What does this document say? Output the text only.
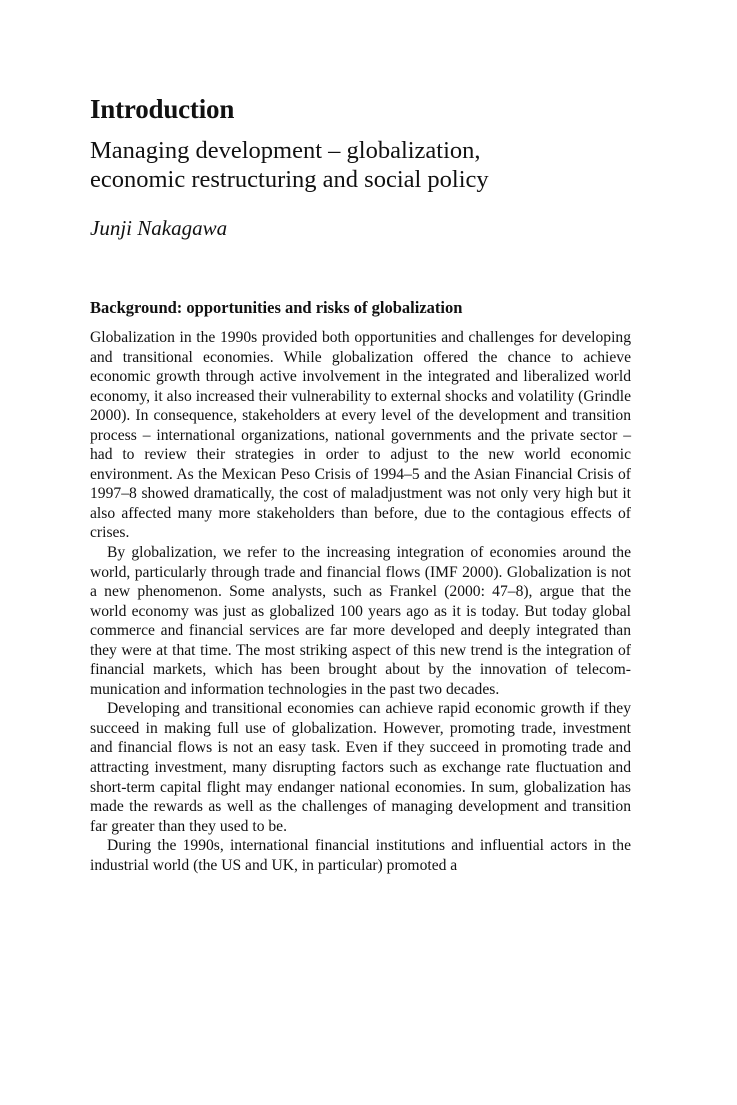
Introduction
Managing development – globalization, economic restructuring and social policy
Junji Nakagawa
Background: opportunities and risks of globalization

Globalization in the 1990s provided both opportunities and challenges for developing and transitional economies. While globalization offered the chance to achieve economic growth through active involvement in the integrated and liberalized world economy, it also increased their vulnerability to external shocks and volatility (Grindle 2000). In consequence, stakeholders at every level of the development and transition process – international organizations, national governments and the private sector – had to review their strategies in order to adjust to the new world economic environment. As the Mexican Peso Crisis of 1994–5 and the Asian Financial Crisis of 1997–8 showed dramatically, the cost of maladjustment was not only very high but it also affected many more stakeholders than before, due to the contagious effects of crises.

By globalization, we refer to the increasing integration of economies around the world, particularly through trade and financial flows (IMF 2000). Globalization is not a new phenomenon. Some analysts, such as Frankel (2000: 47–8), argue that the world economy was just as globalized 100 years ago as it is today. But today global commerce and financial services are far more developed and deeply integrated than they were at that time. The most striking aspect of this new trend is the integration of financial markets, which has been brought about by the innovation of telecommunication and information technologies in the past two decades.

Developing and transitional economies can achieve rapid economic growth if they succeed in making full use of globalization. However, promoting trade, investment and financial flows is not an easy task. Even if they succeed in promoting trade and attracting investment, many disrupting factors such as exchange rate fluctuation and short-term capital flight may endanger national economies. In sum, globalization has made the rewards as well as the challenges of managing development and transition far greater than they used to be.

During the 1990s, international financial institutions and influential actors in the industrial world (the US and UK, in particular) promoted a
